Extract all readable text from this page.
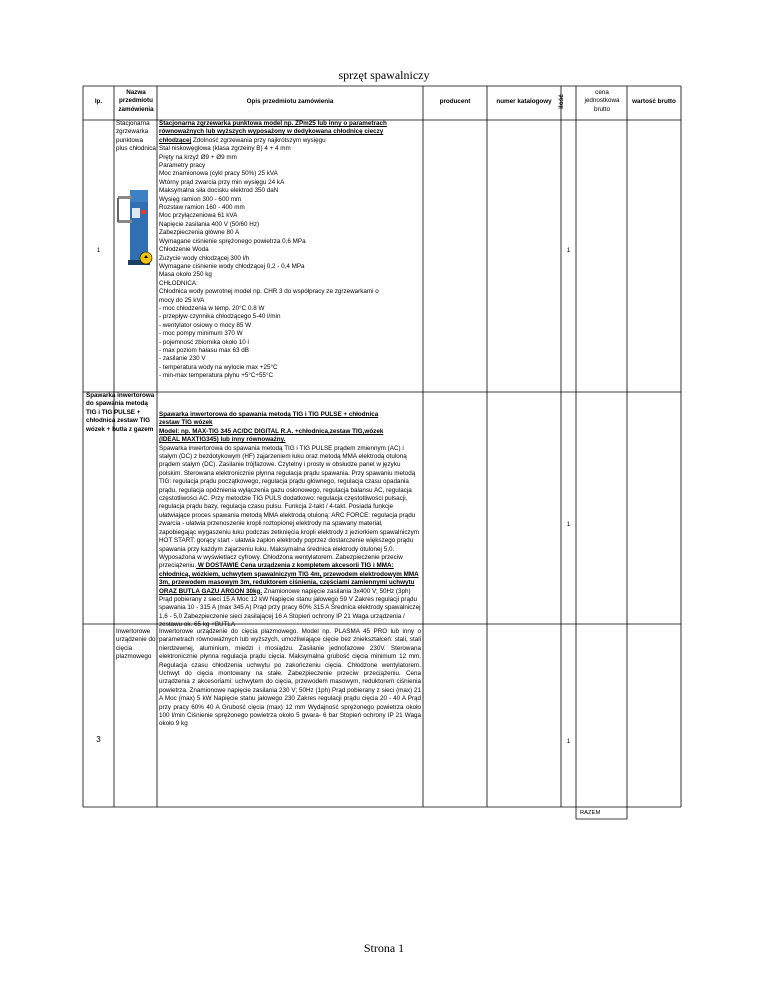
sprzęt spawalniczy
lp.
Nazwa przedmiotu zamówienia
Opis przedmiotu zamówienia	producent	numer katalogowy ilość
cena jednostkowa brutto
wartość brutto
1
Stacjonarna zgrzewarka punktowa plus chłodnica
Stacjonarna zgrzewarka punktowa model np. ZPm25 lub inny o parametrach
równoważnych lub wyższych wyposażony w dedykowana chłodnicę cieczy
chłodzącej Zdolność zgrzewania przy najkrótszym wysięgu
Stal niskowęglowa (klasa zgrzeiny B) 4 + 4 mm
Pręty na krzyż Ø9 + Ø9 mm
Parametry pracy
Moc znamionowa (cykl pracy 50%) 25 kVA
Wtórny prąd zwarcia przy min wysięgu 24 kA
Maksymalna siła docisku elektrod 350 daN
Wysięg ramion 300 - 600 mm
Rozstaw ramion 160 - 400 mm
Moc przyłączeniowa 61 kVA
Napięcie zasilania 400 V (50/60 Hz)
Zabezpieczenia główne 80 A
Wymagane ciśnienie sprężonego powietrza 0,6 MPa
Chłodzenie Woda
Zużycie wody chłodzącej 300 l/h
Wymagane ciśnienie wody chłodzącej 0,2 - 0,4 MPa
Masa około 250 kg
CHŁODNICA:
Chłodnica wody powrotnej model np. CHR 3 do współpracy ze zgrzewarkami o
mocy do 25 kVA
- moc chłodzenia w temp. 20°C 0.8 W
- przepływ czynnika chłodzącego 5-40 l/min
- wentylator osiowy o mocy 85 W
- moc pompy minimum 370 W
- pojemność zbiornika około 10 l
- max poziom hałasu max 63 dB
- zasilanie 230 V
- temperatura wody na wylocie max +25°C
- min-max temperatura płynu +5°C÷55°C
1
Spawarka inwertorowa do spawania metodą TIG i TIG PULSE + chłodnica zestaw TIG wózek + butla z gazem
Spawarka inwertorowa do spawania metodą TIG i TIG PULSE + chłodnica
zestaw TIG wózek
Model: np. MAX-TIG 345 AC/DC DIGITAL R.A. +chłodnica,zestaw TIG,wózek
(IDEAL MAXTIG345) lub inny równoważny.
Spawarka inwertorowa do spawania metodą TIG i TIG PULSE prądem zmiennym (AC) i stałym (DC) z bezdotykowym (HF) zajarzeniem łuku oraz metodą MMA elektrodą otuloną prądem stałym (DC). Zasilanie trójfazowe. Czytelny i prosty w obsłudze panel w języku polskim. Sterowana elektronicznie płynna regulacja prądu spawania. Przy spawaniu metodą TIG: regulacja prądu początkowego, regulacja prądu głównego, regulacja czasu opadania prądu, regulacja opóźnienia wyłączenia gazu osłonowego, regulacja balansu AC, regulacja częstotliwości AC. Przy metodzie TIG PULS dodatkowo: regulacja częstotliwości pulsacji, regulacja prądu bazy, regulacja czasu pulsu. Funkcja 2-takt / 4-takt. Posiada funkcje ułatwiające proces spawania metodą MMA elektrodą otuloną: ARC FORCE: regulacja prądu zwarcia - ułatwia przenoszenie kropli roztopionej elektrody na spawany materiał, zapobiegając wygaszeniu łuku podczas zetknięcia kropli elektrody z jeziorkiem spawalniczym HOT START: gorący start - ułatwia zapłon elektrody poprzez dostarczenie większego prądu spawania przy każdym zajarzeniu łuku. Maksymalna średnica elektrody otulonej 5,0. Wyposażona w wyświetlacz cyfrowy. Chłodzona wentylatorem. Zabezpieczenie przeciw przeciążeniu. W DOSTAWIE Cena urządzenia z kompletem akcesorii TIG i MMA: chłodnicą, wózkiem, uchwytem spawalniczym TIG 4m, przewodem elektrodowym MMA 3m, przewodem masowym 3m, reduktorem ciśnienia, częściami zamiennymi uchwytu ORAZ BUTLA GAZU ARGON 30kg. Znamionowe napięcie zasilania 3x400 V; 50Hz (3ph) Prąd pobierany z sieci 15 A Moc 12 kW Napięcie stanu jałowego 59 V Zakres regulacji prądu spawania 10 - 315 A (max 345 A) Prąd przy pracy 60% 315 A Średnica elektrody spawalniczej 1,6 - 5,0 Zabezpieczenie sieci zasilającej 16 A Stopień ochrony IP 21 Waga urządzenia / zestawu ok. 65 kg +BUTLA
1
3
Inwertorowe urządzenie do cięcia plazmowego
Inwertorowe urządzenie do cięcia plazmowego. Model np. PLASMA 45 PRO lub inny o parametrach równoważnych lub wyższych, umożliwiające cięcie bez zniekształceń: stali, stali nierdzewnej, aluminium, miedzi i mosiądzu. Zasilanie jednofazowe 230V. Sterowana elektronicznie płynna regulacja prądu cięcia. Maksymalna grubość cięcia minimum 12 mm. Regulacja czasu chłodzenia uchwytu po zakończeniu cięcia. Chłodzone wentylatorem. Uchwyt do cięcia montowany na stałe. Zabezpieczenie przeciw przeciążeniu. Cena urządzenia z akcesoriami: uchwytem do cięcia, przewodem masowym, reduktorem ciśnienia powietrza. Znamionowe napięcie zasilania 230 V; 50Hz (1ph) Prąd pobierany z sieci (max) 21 A Moc (max) 5 kW Napięcie stanu jałowego 230 Zakres regulacji prądu cięcia 20 - 40 A Prąd przy pracy 60% 40 A Grubość cięcia (max) 12 mm Wydajność sprężonego powietrza około 100 l/min Ciśnienie sprężonego powietrza około 5 gwara- 6 bar Stopień ochrony IP 21 Waga około 9 kg
1
RAZEM
Strona 1
